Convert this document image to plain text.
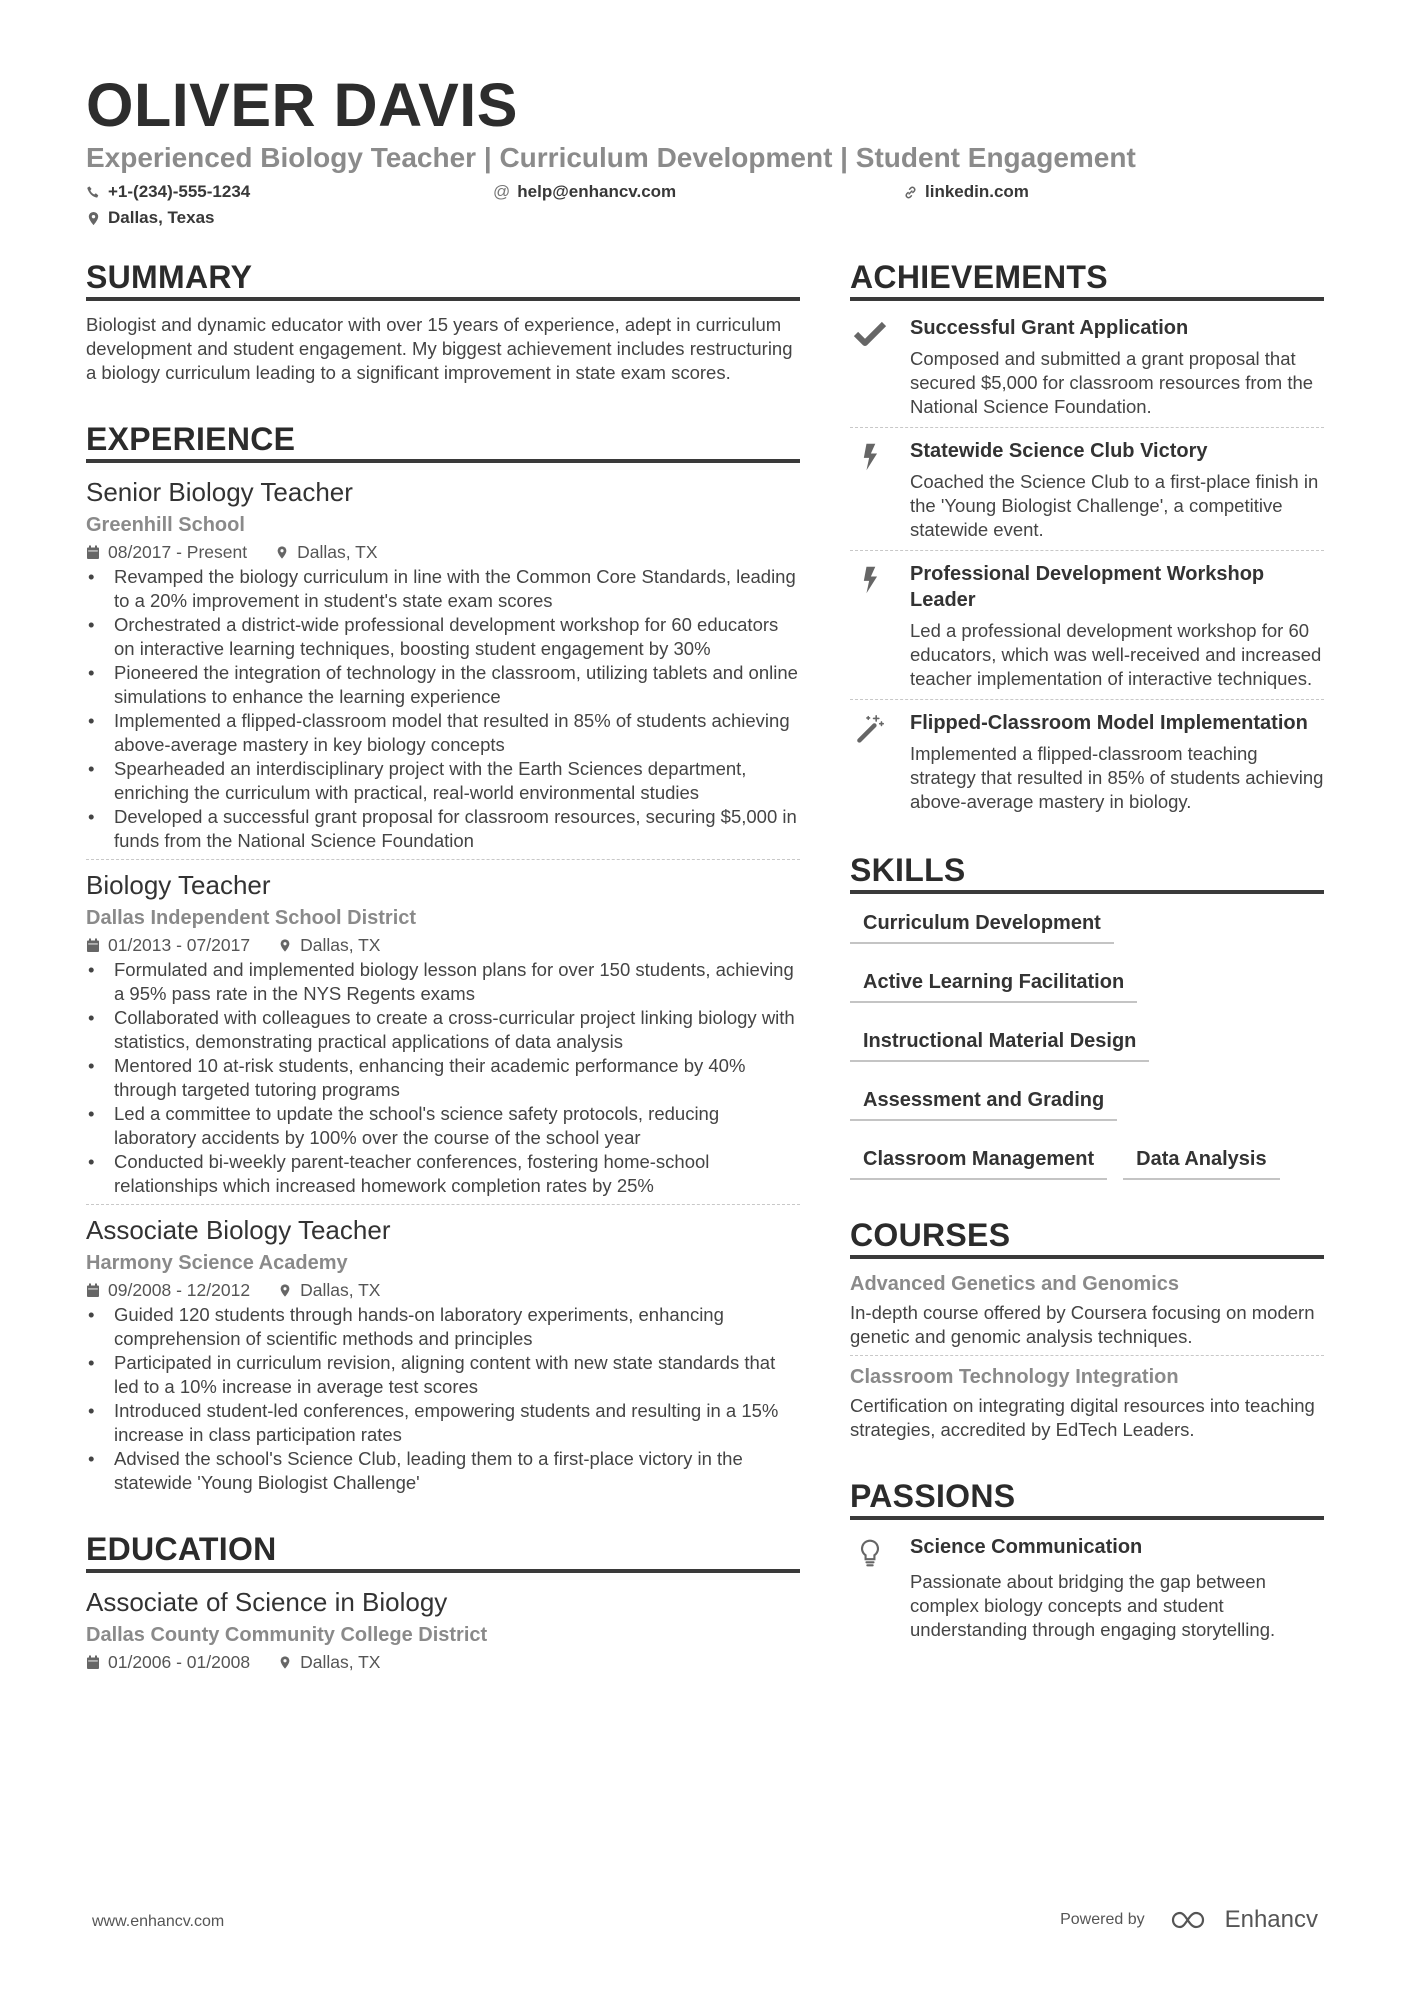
OLIVER DAVIS
Experienced Biology Teacher | Curriculum Development | Student Engagement
+1-(234)-555-1234	@ help@enhancv.com	linkedin.com
Dallas, Texas
SUMMARY
Biologist and dynamic educator with over 15 years of experience, adept in curriculum development and student engagement. My biggest achievement includes restructuring a biology curriculum leading to a significant improvement in state exam scores.
EXPERIENCE
Senior Biology Teacher
Greenhill School
08/2017 - Present	Dallas, TX
• Revamped the biology curriculum in line with the Common Core Standards, leading to a 20% improvement in student's state exam scores
• Orchestrated a district-wide professional development workshop for 60 educators on interactive learning techniques, boosting student engagement by 30%
• Pioneered the integration of technology in the classroom, utilizing tablets and online simulations to enhance the learning experience
• Implemented a flipped-classroom model that resulted in 85% of students achieving above-average mastery in key biology concepts
• Spearheaded an interdisciplinary project with the Earth Sciences department, enriching the curriculum with practical, real-world environmental studies
• Developed a successful grant proposal for classroom resources, securing $5,000 in funds from the National Science Foundation
Biology Teacher
Dallas Independent School District
01/2013 - 07/2017	Dallas, TX
• Formulated and implemented biology lesson plans for over 150 students, achieving a 95% pass rate in the NYS Regents exams
• Collaborated with colleagues to create a cross-curricular project linking biology with statistics, demonstrating practical applications of data analysis
• Mentored 10 at-risk students, enhancing their academic performance by 40% through targeted tutoring programs
• Led a committee to update the school's science safety protocols, reducing laboratory accidents by 100% over the course of the school year
• Conducted bi-weekly parent-teacher conferences, fostering home-school relationships which increased homework completion rates by 25%
Associate Biology Teacher
Harmony Science Academy
09/2008 - 12/2012	Dallas, TX
• Guided 120 students through hands-on laboratory experiments, enhancing comprehension of scientific methods and principles
• Participated in curriculum revision, aligning content with new state standards that led to a 10% increase in average test scores
• Introduced student-led conferences, empowering students and resulting in a 15% increase in class participation rates
• Advised the school's Science Club, leading them to a first-place victory in the statewide 'Young Biologist Challenge'
EDUCATION
Associate of Science in Biology
Dallas County Community College District
01/2006 - 01/2008	Dallas, TX
ACHIEVEMENTS
Successful Grant Application
Composed and submitted a grant proposal that secured $5,000 for classroom resources from the National Science Foundation.
Statewide Science Club Victory
Coached the Science Club to a first-place finish in the 'Young Biologist Challenge', a competitive statewide event.
Professional Development Workshop Leader
Led a professional development workshop for 60 educators, which was well-received and increased teacher implementation of interactive techniques.
Flipped-Classroom Model Implementation
Implemented a flipped-classroom teaching strategy that resulted in 85% of students achieving above-average mastery in biology.
SKILLS
Curriculum Development
Active Learning Facilitation
Instructional Material Design
Assessment and Grading
Classroom Management	Data Analysis
COURSES
Advanced Genetics and Genomics
In-depth course offered by Coursera focusing on modern genetic and genomic analysis techniques.
Classroom Technology Integration
Certification on integrating digital resources into teaching strategies, accredited by EdTech Leaders.
PASSIONS
Science Communication
Passionate about bridging the gap between complex biology concepts and student understanding through engaging storytelling.
www.enhancv.com	Powered by	Enhancv
